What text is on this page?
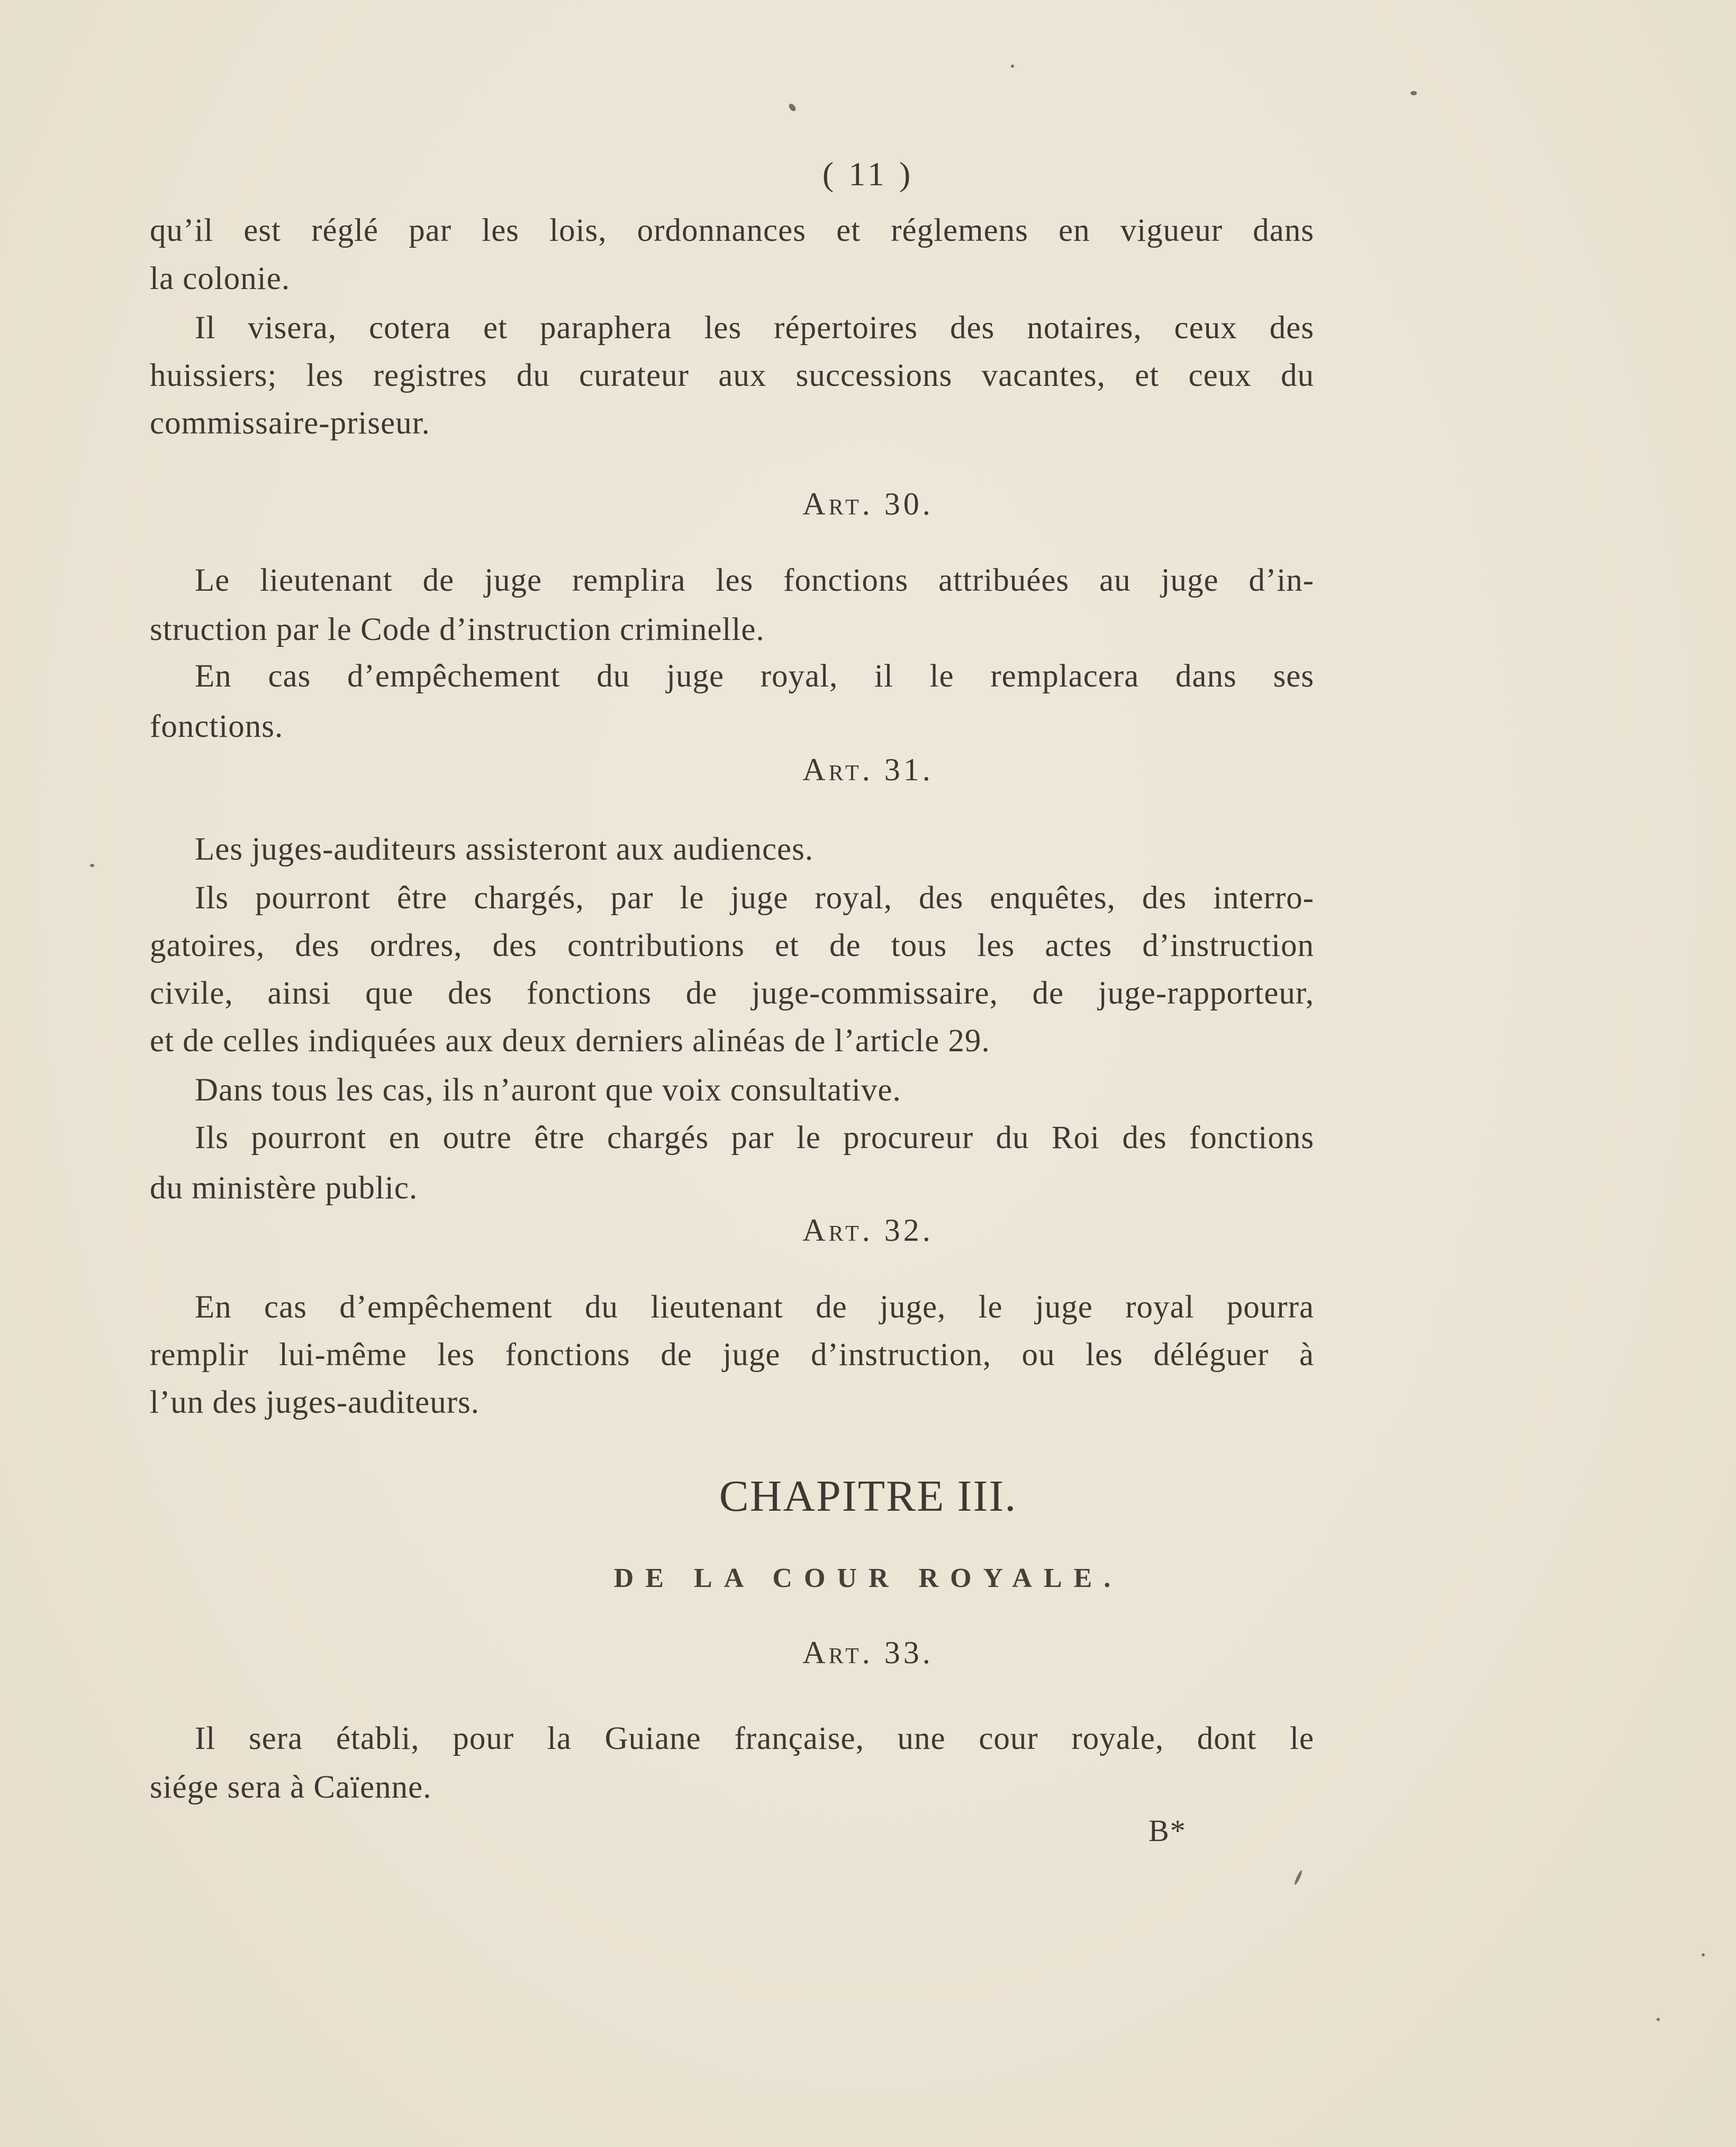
( 11 )
qu’il est réglé par les lois, ordonnances et réglemens en vigueur dans
la colonie.
Il visera, cotera et paraphera les répertoires des notaires, ceux des
huissiers; les registres du curateur aux successions vacantes, et ceux du
commissaire-priseur.
Art. 30.
Le lieutenant de juge remplira les fonctions attribuées au juge d’in-
struction par le Code d’instruction criminelle.
En cas d’empêchement du juge royal, il le remplacera dans ses
fonctions.
Art. 31.
Les juges-auditeurs assisteront aux audiences.
Ils pourront être chargés, par le juge royal, des enquêtes, des interro-
gatoires, des ordres, des contributions et de tous les actes d’instruction
civile, ainsi que des fonctions de juge-commissaire, de juge-rapporteur,
et de celles indiquées aux deux derniers alinéas de l’article 29.
Dans tous les cas, ils n’auront que voix consultative.
Ils pourront en outre être chargés par le procureur du Roi des fonctions
du ministère public.
Art. 32.
En cas d’empêchement du lieutenant de juge, le juge royal pourra
remplir lui-même les fonctions de juge d’instruction, ou les déléguer à
l’un des juges-auditeurs.
CHAPITRE III.
DE LA COUR ROYALE.
Art. 33.
Il sera établi, pour la Guiane française, une cour royale, dont le
siége sera à Caïenne.
B*
